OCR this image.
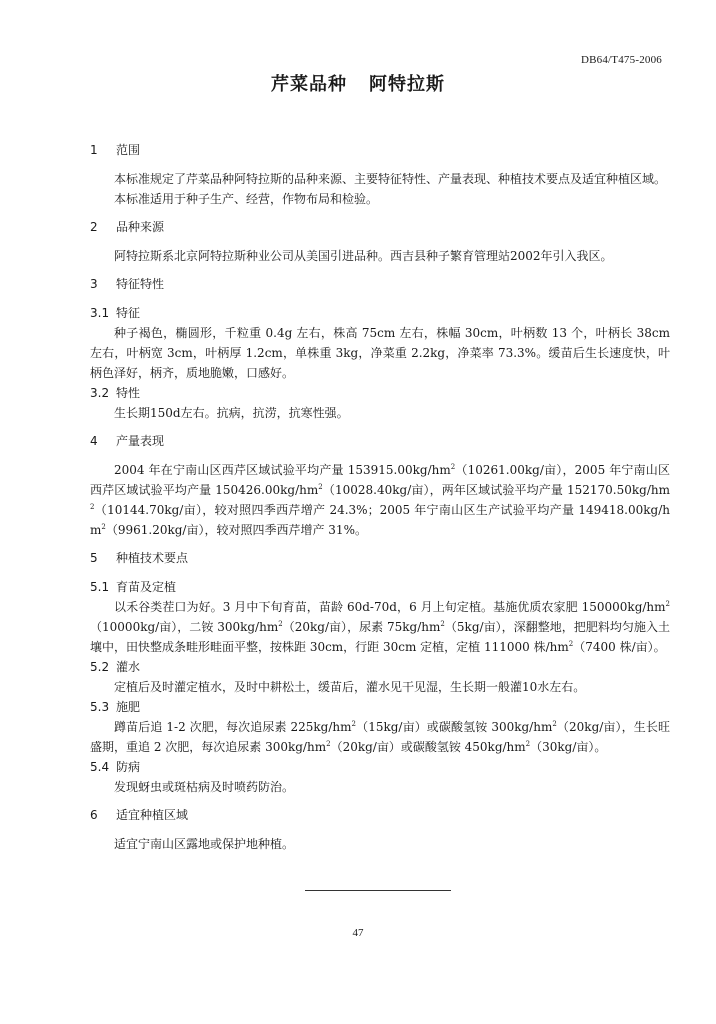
DB64/T475-2006
芹菜品种 阿特拉斯
1 范围

本标准规定了芹菜品种阿特拉斯的品种来源、主要特征特性、产量表现、种植技术要点及适宜种植区域。

本标准适用于种子生产、经营，作物布局和检验。

2 品种来源

阿特拉斯系北京阿特拉斯种业公司从美国引进品种。西吉县种子繁育管理站2002年引入我区。

3 特征特性
3.1 特征

种子褐色，椭圆形，千粒重 0.4g 左右，株高 75cm 左右，株幅 30cm，叶柄数 13 个，叶柄长 38cm 左右，叶柄宽 3cm，叶柄厚 1.2cm，单株重 3kg，净菜重 2.2kg，净菜率 73.3%。缓苗后生长速度快，叶柄色泽好，柄齐，质地脆嫩，口感好。

3.2 特性

生长期150d左右。抗病，抗涝，抗寒性强。

4 产量表现

2004 年在宁南山区西芹区域试验平均产量 $153915.00kg/hm^2(10261.00kg/$亩），2005 年宁南山区西芹区域试验平均产量 $150426.00kg/hm^2(10028.40kg/$亩），两年区域试验平均产量 $152170.50kg/hm^2(10144.70kg/$亩），较对照四季西芹增产 24.3%；2005 年宁南山区生产试验平均产量 $149418.00kg/hm^2(9961.20kg/$亩），较对照四季西芹增产 31%。

5 种植技术要点
5.1 育苗及定植

以禾谷类茬口为好。3 月中下旬育苗，苗龄 60d-70d，6 月上旬定植。基施优质农家肥 $150000kg/hm^2(10000kg/$亩），二铵 $300kg/hm^2(20kg/$亩），尿素 $75kg/hm^2(5kg/$亩），深翻整地，把肥料均匀施入土壤中，田快整成条畦形畦面平整，按株距 30cm，行距 30cm 定植，定植 111000 株$/hm^2(7400$ 株/亩）。

5.2 灌水

定植后及时灌定植水，及时中耕松土，缓苗后，灌水见干见湿，生长期一般灌10水左右。

5.3 施肥

蹲苗后追 1-2 次肥，每次追尿素 $225kg/hm^2(15kg/$亩）或碳酸氢铵 $300kg/hm^2(20kg/$亩），生长旺盛期，重追 2 次肥，每次追尿素 $300kg/hm^2(20kg/$亩）或碳酸氢铵 $450kg/hm^2(30kg/$亩）。

5.4 防病

发现蚜虫或斑枯病及时喷药防治。

6 适宜种植区域

适宜宁南山区露地或保护地种植。

47
